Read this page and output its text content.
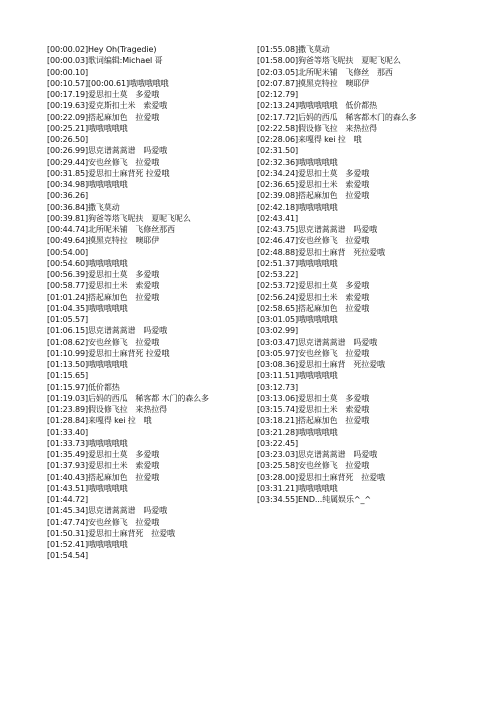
[00:00.02]Hey Oh(Tragedie)
[00:00.03]歌词编辑:Michael 哥
[00:00.10]
[00:10.57][00:00.61]哦哦哦哦哦
[00:17.19]爱思扣土莫　多爱哦
[00:19.63]爱克斯扣土米　索爱哦
[00:22.09]搭起麻加色　拉爱哦
[00:25.21]哦哦哦哦哦
[00:26.50]
[00:26.99]思克谱蒿蒿谱　吗爱哦
[00:29.44]安也丝修飞　拉爱哦
[00:31.85]爱思扣土麻背死 拉爱哦
[00:34.98]哦哦哦哦哦
[00:36.26]
[00:36.84]撒飞莫动
[00:39.81]狗爸等塔飞呢扶　夏呢飞呢么
[00:44.74]北所呢米铺　飞修丝那西
[00:49.64]摸黑克特拉　噢耶伊
[00:54.00]
[00:54.60]哦哦哦哦哦
[00:56.39]爱思扣土莫　多爱哦
[00:58.77]爱思扣土米　索爱哦
[01:01.24]搭起麻加色　拉爱哦
[01:04.35]哦哦哦哦哦
[01:05.57]
[01:06.15]思克谱蒿蒿谱　吗爱哦
[01:08.62]安也丝修飞　拉爱哦
[01:10.99]爱思扣土麻背死 拉爱哦
[01:13.50]哦哦哦哦哦
[01:15.65]
[01:15.97]低价都热
[01:19.03]后妈的西瓜　稀客都 木门的森么多
[01:23.89]假设修飞拉　来热拉得
[01:28.84]来嘎得 kei 拉　哦
[01:33.40]
[01:33.73]哦哦哦哦哦
[01:35.49]爱思扣土莫　多爱哦
[01:37.93]爱思扣土米　索爱哦
[01:40.43]搭起麻加色　拉爱哦
[01:43.51]哦哦哦哦哦
[01:44.72]
[01:45.34]思克谱蒿蒿谱　吗爱哦
[01:47.74]安也丝修飞　拉爱哦
[01:50.31]爱思扣土麻背死　拉爱哦
[01:52.41]哦哦哦哦哦
[01:54.54]
[01:55.08]撒飞莫动
[01:58.00]狗爸等塔飞呢扶　夏呢飞呢么
[02:03.05]北所呢米铺　飞修丝　那西
[02:07.87]摸黑克特拉　噢耶伊
[02:12.79]
[02:13.24]哦哦哦哦哦　低价都热
[02:17.72]后妈的西瓜　稀客都木门的森么多
[02:22.58]假设修飞拉　来热拉得
[02:28.06]来嘎得 kei 拉　哦
[02:31.50]
[02:32.36]哦哦哦哦哦
[02:34.24]爱思扣土莫　多爱哦
[02:36.65]爱思扣土米　索爱哦
[02:39.08]搭起麻加色　拉爱哦
[02:42.18]哦哦哦哦哦
[02:43.41]
[02:43.75]思克谱蒿蒿谱　吗爱哦
[02:46.47]安也丝修飞　拉爱哦
[02:48.88]爱思扣土麻背　死拉爱哦
[02:51.37]哦哦哦哦哦
[02:53.22]
[02:53.72]爱思扣土莫　多爱哦
[02:56.24]爱思扣土米　索爱哦
[02:58.65]搭起麻加色　拉爱哦
[03:01.05]哦哦哦哦哦
[03:02.99]
[03:03.47]思克谱蒿蒿谱　吗爱哦
[03:05.97]安也丝修飞　拉爱哦
[03:08.36]爱思扣土麻背　死拉爱哦
[03:11.51]哦哦哦哦哦
[03:12.73]
[03:13.06]爱思扣土莫　多爱哦
[03:15.74]爱思扣土米　索爱哦
[03:18.21]搭起麻加色　拉爱哦
[03:21.28]哦哦哦哦哦
[03:22.45]
[03:23.03]思克谱蒿蒿谱　吗爱哦
[03:25.58]安也丝修飞　拉爱哦
[03:28.00]爱思扣土麻背死　拉爱哦
[03:31.21]哦哦哦哦哦
[03:34.55]END...纯属娱乐^_^
